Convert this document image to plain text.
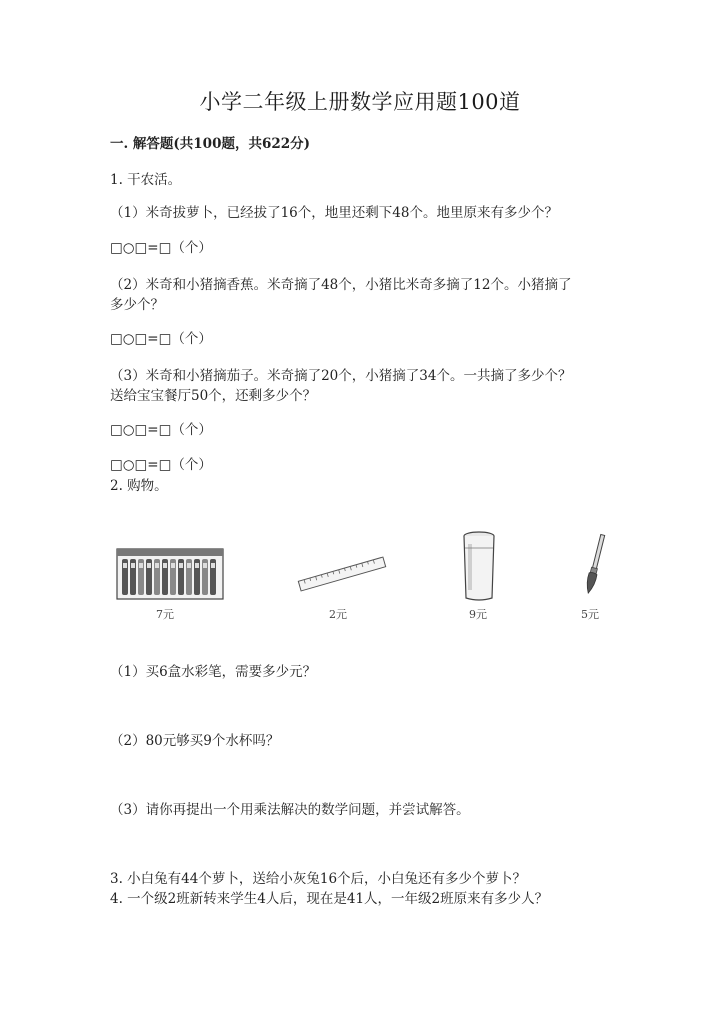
小学二年级上册数学应用题100道
一. 解答题(共100题，共622分)
1. 干农活。
（1）米奇拔萝卜，已经拔了16个，地里还剩下48个。地里原来有多少个？
□○□=□（个）
（2）米奇和小猪摘香蕉。米奇摘了48个，小猪比米奇多摘了12个。小猪摘了
多少个？
□○□=□（个）
（3）米奇和小猪摘茄子。米奇摘了20个，小猪摘了34个。一共摘了多少个？
送给宝宝餐厅50个，还剩多少个？
□○□=□（个）
□○□=□（个）
2. 购物。
7元	2元	9元	5元
（1）买6盒水彩笔，需要多少元？
（2）80元够买9个水杯吗？
（3）请你再提出一个用乘法解决的数学问题，并尝试解答。
3. 小白兔有44个萝卜，送给小灰兔16个后，小白兔还有多少个萝卜？
4. 一个级2班新转来学生4人后，现在是41人，一年级2班原来有多少人？
